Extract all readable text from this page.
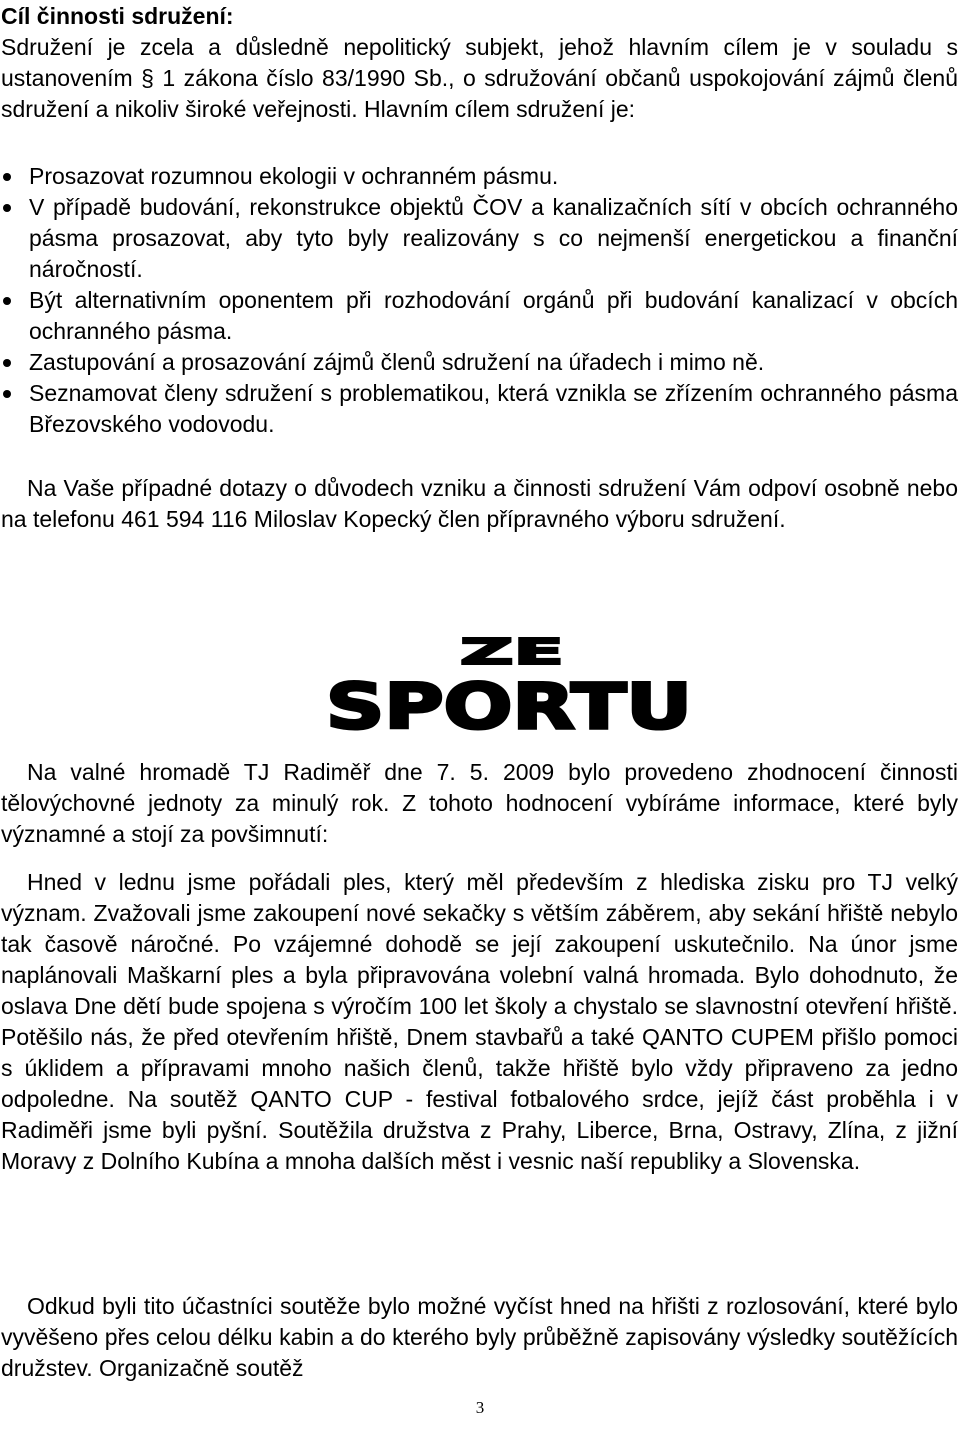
Cíl činnosti sdružení:

Sdružení je zcela a důsledně nepolitický subjekt, jehož hlavním cílem je v souladu s ustanovením § 1 zákona číslo 83/1990 Sb., o sdružování občanů uspokojování zájmů členů sdružení a nikoliv široké veřejnosti. Hlavním cílem sdružení je:

Prosazovat rozumnou ekologii v ochranném pásmu.
V případě budování, rekonstrukce objektů ČOV a kanalizačních sítí v obcích ochranného pásma prosazovat, aby tyto byly realizovány s co nejmenší energetickou a finanční náročností.
Být alternativním oponentem při rozhodování orgánů při budování kanalizací v obcích ochranného pásma.
Zastupování a prosazování zájmů členů sdružení na úřadech i mimo ně.
Seznamovat členy sdružení s problematikou, která vznikla se zřízením ochranného pásma Březovského vodovodu.

Na Vaše případné dotazy o důvodech vzniku a činnosti sdružení Vám odpoví osobně nebo na telefonu 461 594 116 Miloslav Kopecký člen přípravného výboru sdružení.

ZE
SPORTU

Na valné hromadě TJ Radiměř dne 7. 5. 2009 bylo provedeno zhodnocení činnosti tělovýchovné jednoty za minulý rok. Z tohoto hodnocení vybíráme informace, které byly významné a stojí za povšimnutí:

Hned v lednu jsme pořádali ples, který měl především z hlediska zisku pro TJ velký význam. Zvažovali jsme zakoupení nové sekačky s větším záběrem, aby sekání hřiště nebylo tak časově náročné. Po vzájemné dohodě se její zakoupení uskutečnilo. Na únor jsme naplánovali Maškarní ples a byla připravována volební valná hromada. Bylo dohodnuto, že oslava Dne dětí bude spojena s výročím 100 let školy a chystalo se slavnostní otevření hřiště. Potěšilo nás, že před otevřením hřiště, Dnem stavbařů a také QANTO CUPEM přišlo pomoci s úklidem a přípravami mnoho našich členů, takže hřiště bylo vždy připraveno za jedno odpoledne. Na soutěž QANTO CUP - festival fotbalového srdce, jejíž část proběhla i v Radiměři jsme byli pyšní. Soutěžila družstva z Prahy, Liberce, Brna, Ostravy, Zlína, z jižní Moravy z Dolního Kubína a mnoha dalších měst i vesnic naší republiky a Slovenska.

Odkud byli tito účastníci soutěže bylo možné vyčíst hned na hřišti z rozlosování, které bylo vyvěšeno přes celou délku kabin a do kterého byly průběžně zapisovány výsledky soutěžících družstev. Organizačně soutěž

3
